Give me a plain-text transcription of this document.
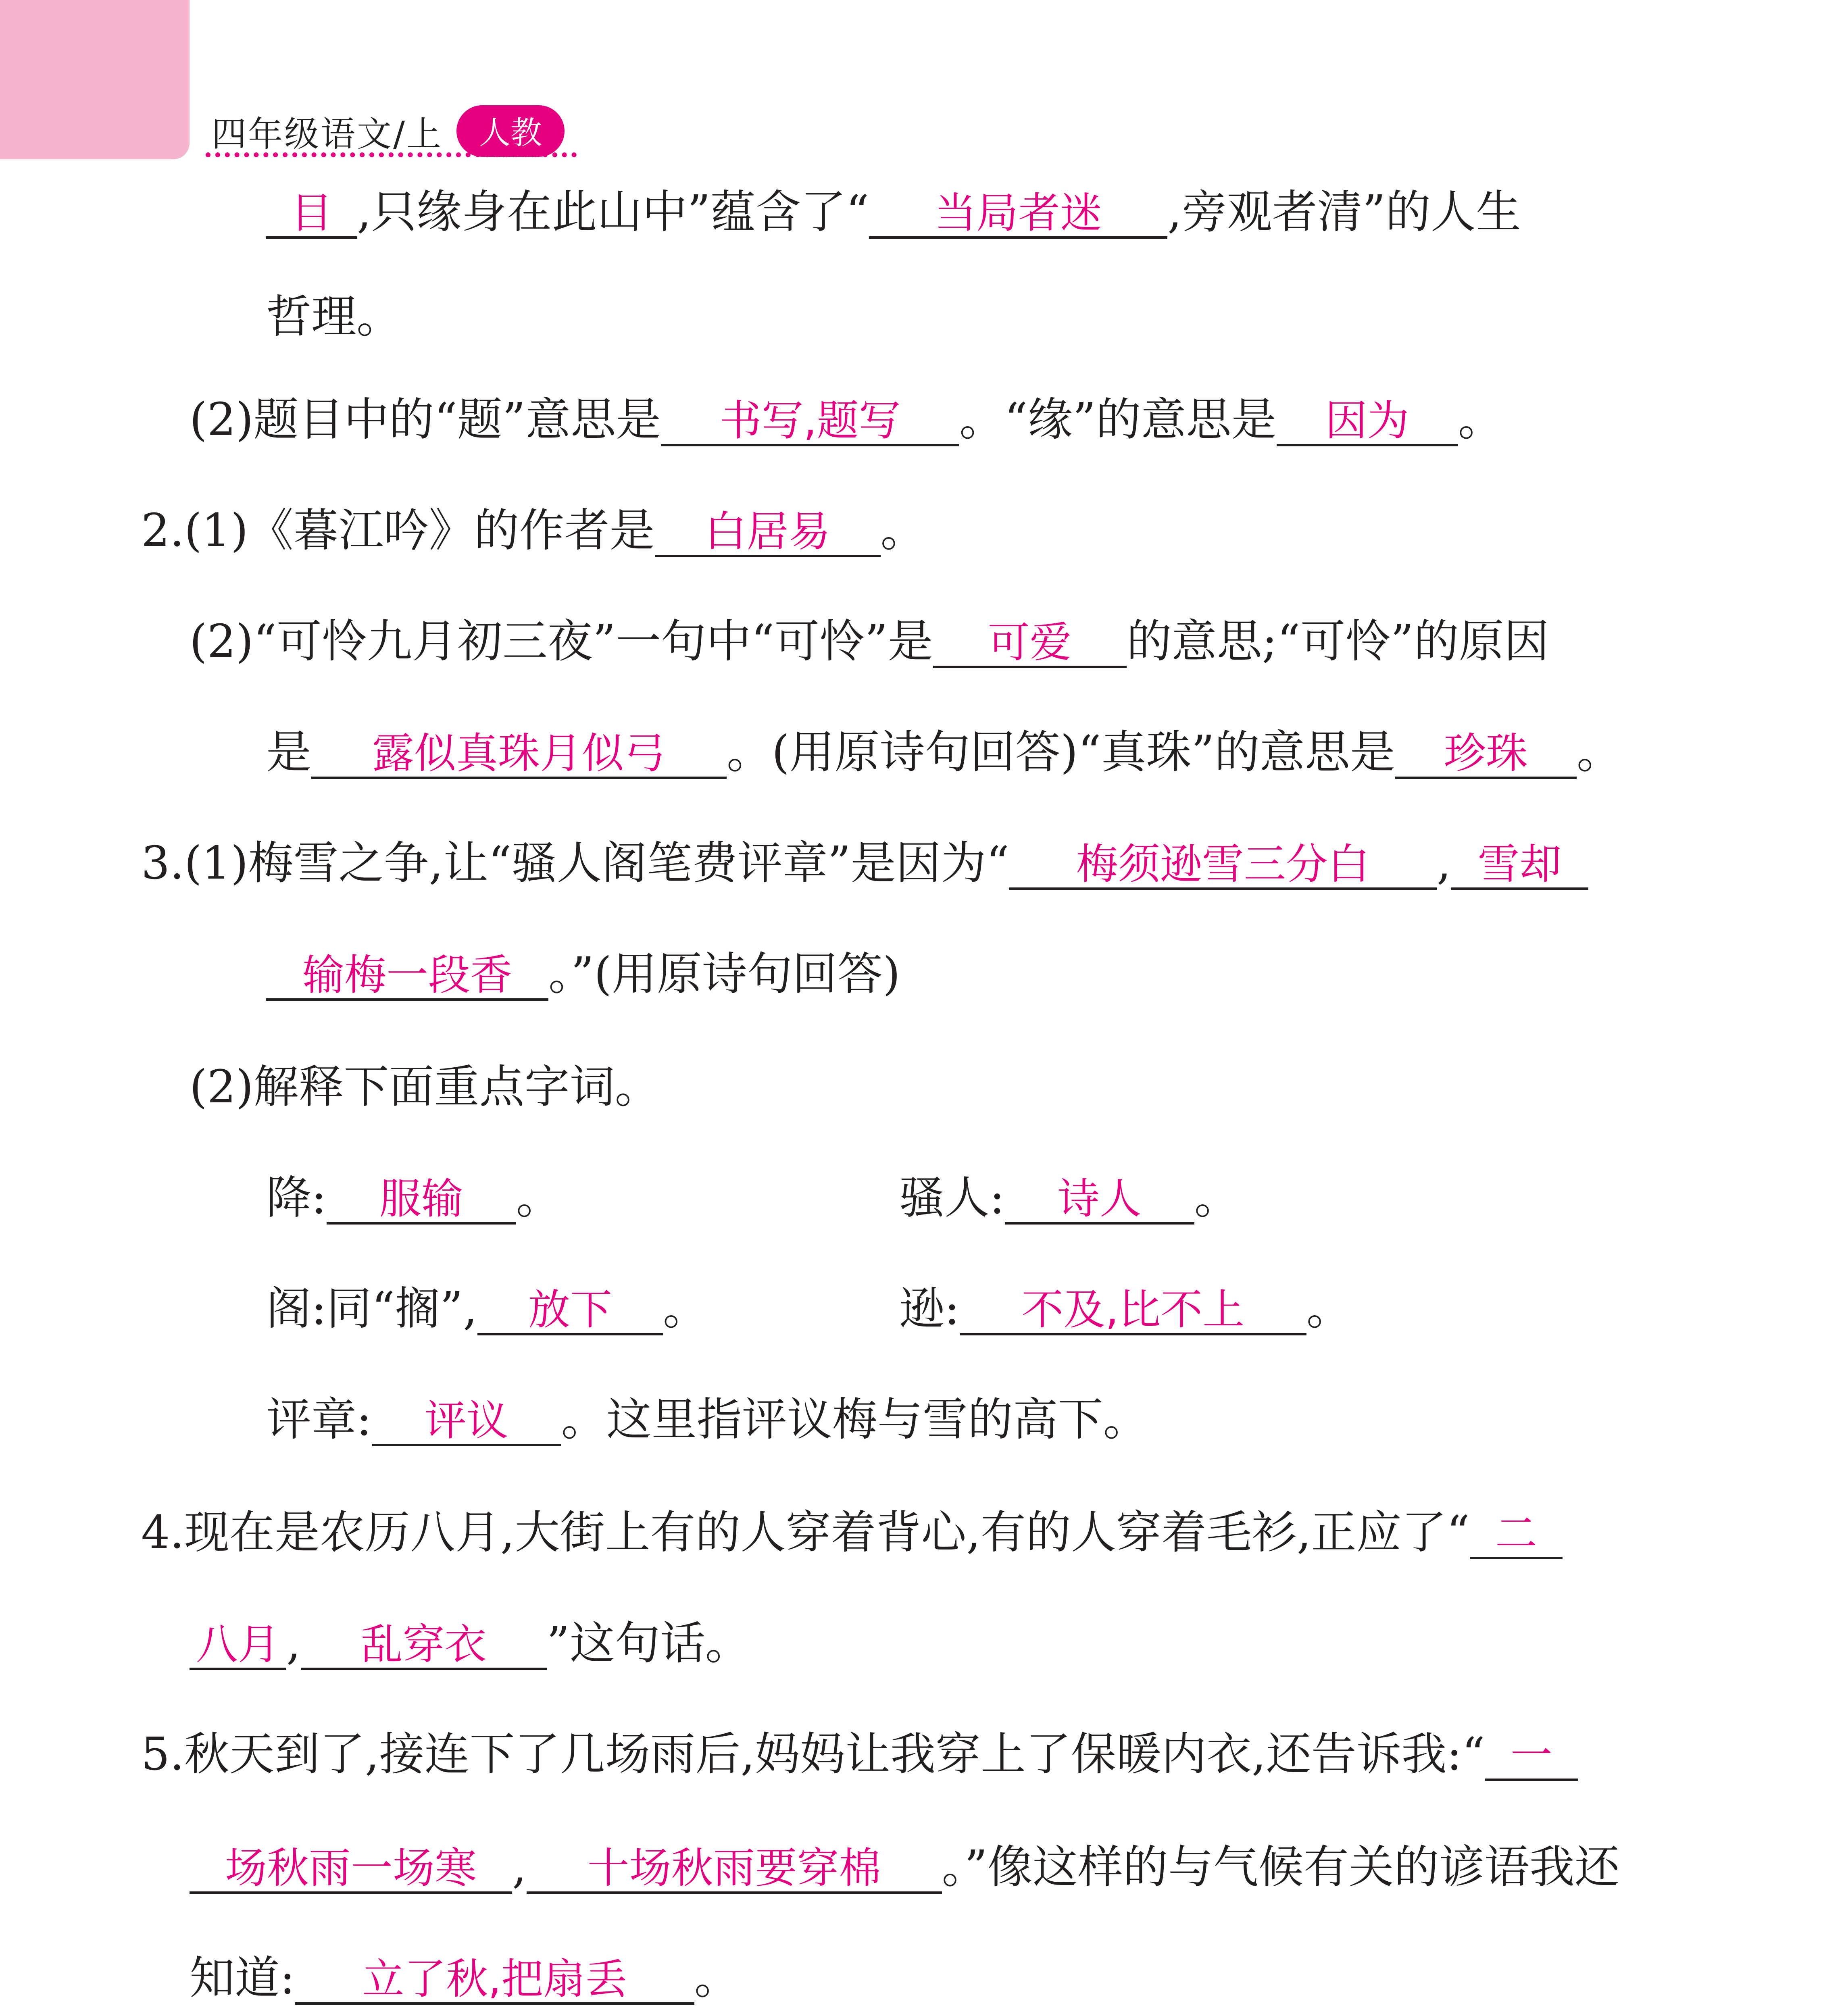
四年级语文/上	人教
目 ,只缘身在此山中”蕴含了“ 当局者迷 ,旁观者清”的人生
哲理。
(2)题目中的“题”意思是 书写,题写 。“缘”的意思是 因为 。
2.(1)《暮江吟》的作者是 白居易 。
(2)“可怜九月初三夜”一句中“可怜”是 可爱 的意思;“可怜”的原因
是 露似真珠月似弓 。(用原诗句回答)“真珠”的意思是 珍珠 。
3.(1)梅雪之争,让“骚人阁笔费评章”是因为“ 梅须逊雪三分白 , 雪却
输梅一段香 。”(用原诗句回答)
(2)解释下面重点字词。
降: 服输 。	骚人: 诗人 。
阁:同“搁”, 放下 。	逊: 不及,比不上 。
评章: 评议 。这里指评议梅与雪的高下。
4.现在是农历八月,大街上有的人穿着背心,有的人穿着毛衫,正应了“ 二
八月 , 乱穿衣 ”这句话。
5.秋天到了,接连下了几场雨后,妈妈让我穿上了保暖内衣,还告诉我:“ 一
场秋雨一场寒 , 十场秋雨要穿棉 。”像这样的与气候有关的谚语我还
知道: 立了秋,把扇丢 。
